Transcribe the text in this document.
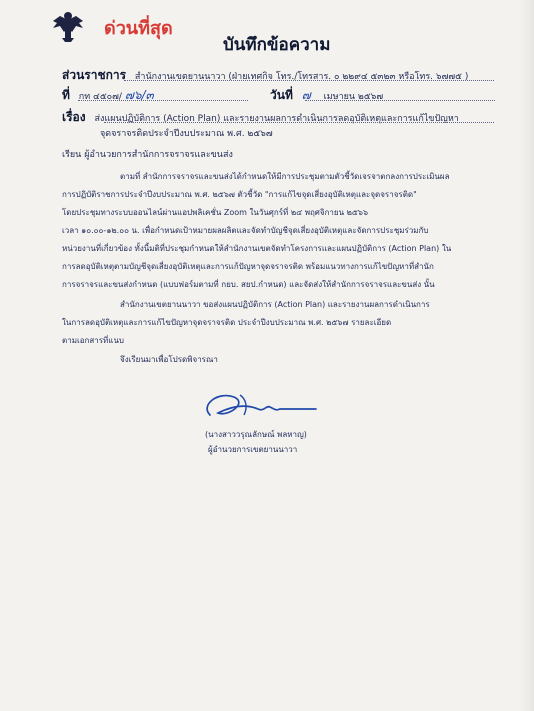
ด่วนที่สุด
บันทึกข้อความ
ส่วนราชการ สำนักงานเขตยานนาวา (ฝ่ายเทศกิจ โทร./โทรสาร. ๐ ๒๒๙๔ ๕๓๒๓ หรือโทร. ๖๗๗๕ )
ที่ กท ๔๕๐๗/ ๗๖/๓	วันที่ ๗ เมษายน ๒๕๖๗
เรื่อง ส่งแผนปฏิบัติการ (Action Plan) และรายงานผลการดำเนินการลดอุบัติเหตุและการแก้ไขปัญหา
จุดจราจรติดประจำปีงบประมาณ พ.ศ. ๒๕๖๗
เรียน ผู้อำนวยการสำนักการจราจรและขนส่ง
ตามที่ สำนักการจราจรและขนส่งได้กำหนดให้มีการประชุมตามตัวชี้วัดเจรจาตกลงการประเมินผล
การปฏิบัติราชการประจำปีงบประมาณ พ.ศ. ๒๕๖๗ ตัวชี้วัด "การแก้ไขจุดเสี่ยงอุบัติเหตุและจุดจราจรติด"
โดยประชุมทางระบบออนไลน์ผ่านแอปพลิเคชั่น Zoom ในวันศุกร์ที่ ๒๔ พฤศจิกายน ๒๕๖๖
เวลา ๑๐.๐๐-๑๒.๐๐ น. เพื่อกำหนดเป้าหมายผลผลิตและจัดทำบัญชีจุดเสี่ยงอุบัติเหตุและจัดการประชุมร่วมกับ
หน่วยงานที่เกี่ยวข้อง ทั้งนี้มติที่ประชุมกำหนดให้สำนักงานเขตจัดทำโครงการและแผนปฏิบัติการ (Action Plan) ใน
การลดอุบัติเหตุตามบัญชีจุดเสี่ยงอุบัติเหตุและการแก้ปัญหาจุดจราจรติด พร้อมแนวทางการแก้ไขปัญหาที่สำนัก
การจราจรและขนส่งกำหนด (แบบฟอร์มตามที่ กยบ. สยป.กำหนด) และจัดส่งให้สำนักการจราจรและขนส่ง นั้น
สำนักงานเขตยานนาวา ขอส่งแผนปฏิบัติการ (Action Plan) และรายงานผลการดำเนินการ
ในการลดอุบัติเหตุและการแก้ไขปัญหาจุดจราจรติด ประจำปีงบประมาณ พ.ศ. ๒๕๖๗ รายละเอียด
ตามเอกสารที่แนบ
จึงเรียนมาเพื่อโปรดพิจารณา
(นางสาววรุณลักษณ์ พลหาญ)
ผู้อำนวยการเขตยานนาวา
